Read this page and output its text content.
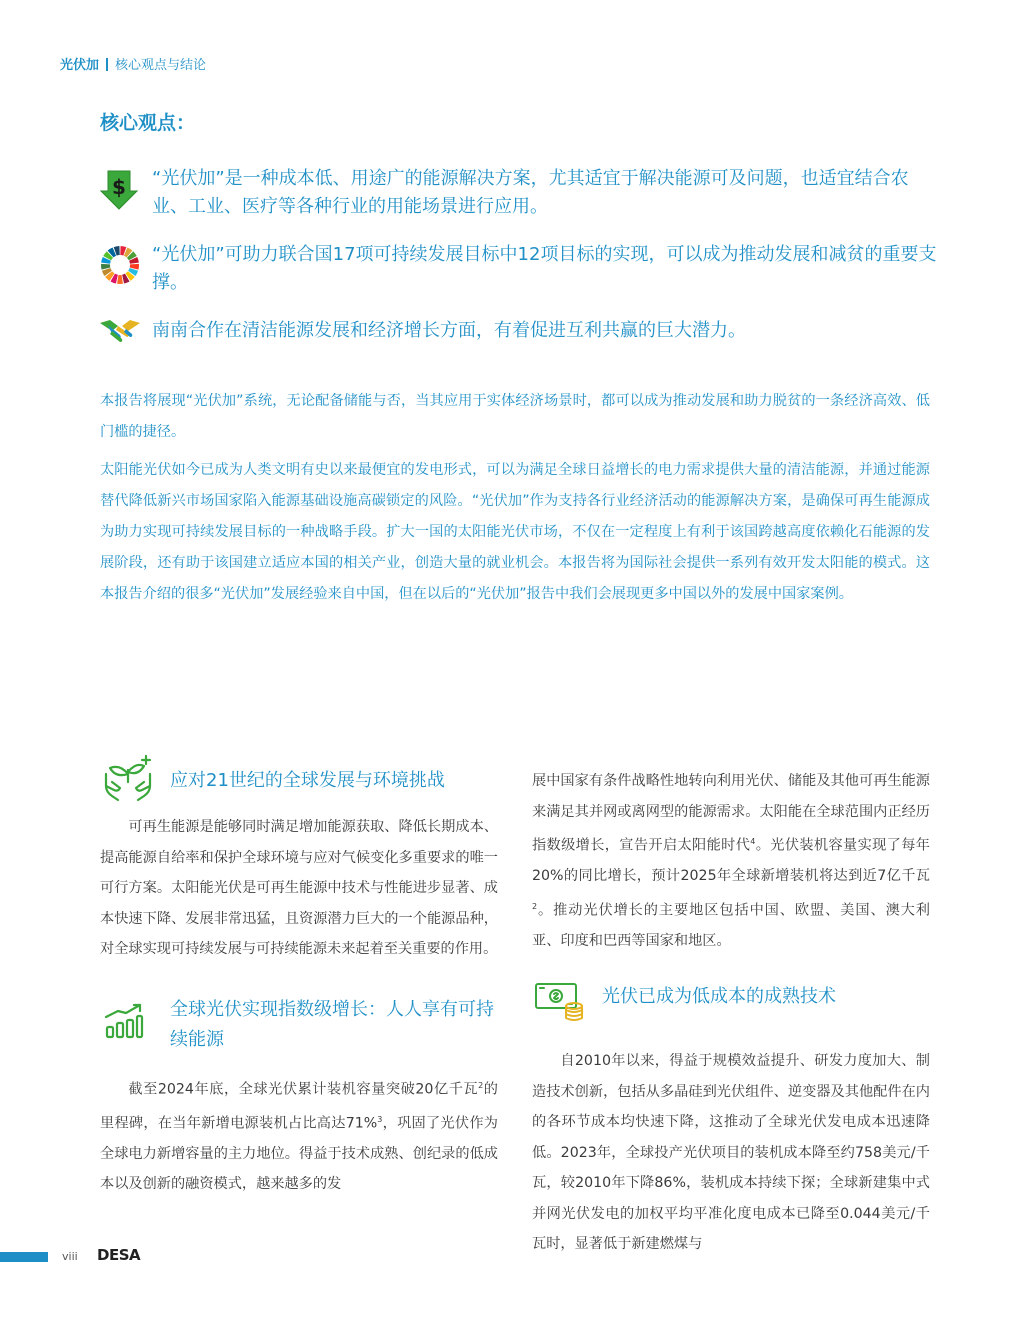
光伏加 核心观点与结论
核心观点：
$ “光伏加”是一种成本低、用途广的能源解决方案，尤其适宜于解决能源可及问题，也适宜结合农业、工业、医疗等各种行业的用能场景进行应用。
“光伏加”可助力联合国17项可持续发展目标中12项目标的实现，可以成为推动发展和减贫的重要支撑。
南南合作在清洁能源发展和经济增长方面，有着促进互利共赢的巨大潜力。
本报告将展现“光伏加”系统，无论配备储能与否，当其应用于实体经济场景时，都可以成为推动发展和助力脱贫的一条经济高效、低门槛的捷径。
太阳能光伏如今已成为人类文明有史以来最便宜的发电形式，可以为满足全球日益增长的电力需求提供大量的清洁能源，并通过能源替代降低新兴市场国家陷入能源基础设施高碳锁定的风险。“光伏加”作为支持各行业经济活动的能源解决方案，是确保可再生能源成为助力实现可持续发展目标的一种战略手段。扩大一国的太阳能光伏市场，不仅在一定程度上有利于该国跨越高度依赖化石能源的发展阶段，还有助于该国建立适应本国的相关产业，创造大量的就业机会。本报告将为国际社会提供一系列有效开发太阳能的模式。这本报告介绍的很多“光伏加”发展经验来自中国，但在以后的“光伏加”报告中我们会展现更多中国以外的发展中国家案例。
应对21世纪的全球发展与环境挑战
可再生能源是能够同时满足增加能源获取、降低长期成本、提高能源自给率和保护全球环境与应对气候变化多重要求的唯一可行方案。太阳能光伏是可再生能源中技术与性能进步显著、成本快速下降、发展非常迅猛，且资源潜力巨大的一个能源品种，对全球实现可持续发展与可持续能源未来起着至关重要的作用。
全球光伏实现指数级增长：人人享有可持续能源
截至2024年底，全球光伏累计装机容量突破20亿千瓦$^2$的里程碑，在当年新增电源装机占比高达71%$^3$，巩固了光伏作为全球电力新增容量的主力地位。得益于技术成熟、创纪录的低成本以及创新的融资模式，越来越多的发
展中国家有条件战略性地转向利用光伏、储能及其他可再生能源来满足其并网或离网型的能源需求。太阳能在全球范围内正经历指数级增长，宣告开启太阳能时代$^4$。光伏装机容量实现了每年20%的同比增长，预计2025年全球新增装机将达到近7亿千瓦$^2$。推动光伏增长的主要地区包括中国、欧盟、美国、澳大利亚、印度和巴西等国家和地区。
光伏已成为低成本的成熟技术
自2010年以来，得益于规模效益提升、研发力度加大、制造技术创新，包括从多晶硅到光伏组件、逆变器及其他配件在内的各环节成本均快速下降，这推动了全球光伏发电成本迅速降低。2023年，全球投产光伏项目的装机成本降至约758美元/千瓦，较2010年下降86%，装机成本持续下探；全球新建集中式并网光伏发电的加权平均平准化度电成本已降至0.044美元/千瓦时，显著低于新建燃煤与
viii DESA
